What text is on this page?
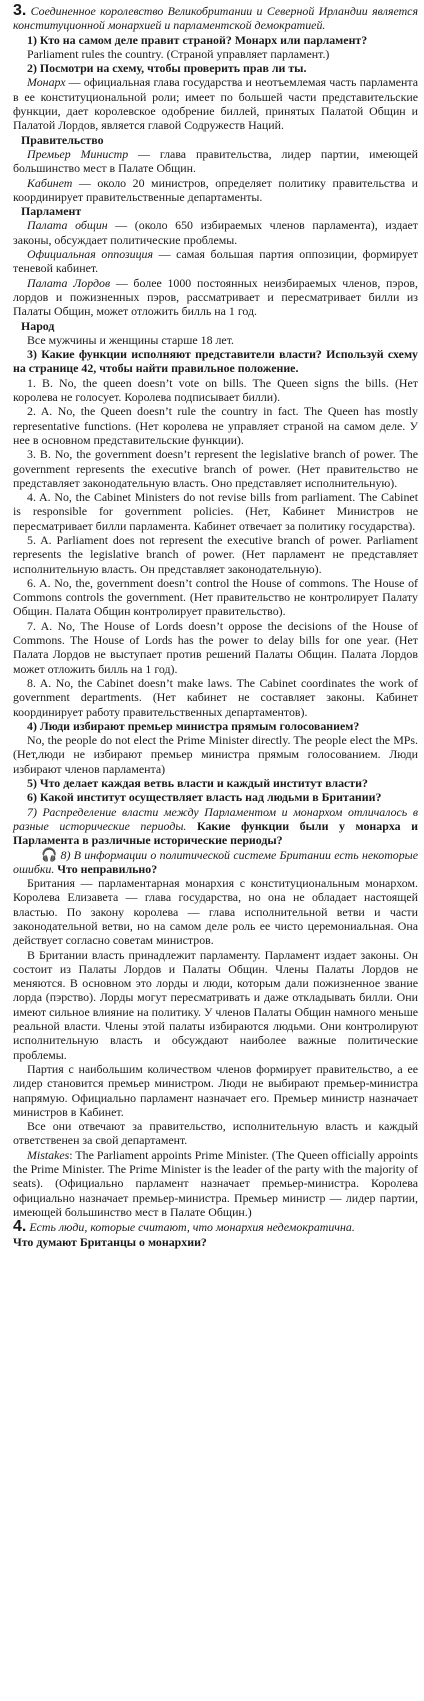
3. Соединенное королевство Великобритании и Северной Ирландии является конституционной монархией и парламентской демократией.

1) Кто на самом деле правит страной? Монарх или парламент?

Parliament rules the country. (Страной управляет парламент.)

2) Посмотри на схему, чтобы проверить прав ли ты.

Монарх — официальная глава государства и неотъемлемая часть парламента в ее конституциональной роли; имеет по большей части представительские функции, дает королевское одобрение биллей, принятых Палатой Общин и Палатой Лордов, является главой Содружеств Наций.

Правительство

Премьер Министр — глава правительства, лидер партии, имеющей большинство мест в Палате Общин.

Кабинет — около 20 министров, определяет политику правительства и координирует правительственные департаменты.

Парламент

Палата общин — (около 650 избираемых членов парламента), издает законы, обсуждает политические проблемы.

Официальная оппозиция — самая большая партия оппозиции, формирует теневой кабинет.

Палата Лордов — более 1000 постоянных неизбираемых членов, пэров, лордов и пожизненных пэров, рассматривает и пересматривает билли из Палаты Общин, может отложить билль на 1 год.

Народ

Все мужчины и женщины старше 18 лет.

3) Какие функции исполняют представители власти? Используй схему на странице 42, чтобы найти правильное положение.

1. B. No, the queen doesn’t vote on bills. The Queen signs the bills. (Нет королева не голосует. Королева подписывает билли).

2. A. No, the Queen doesn’t rule the country in fact. The Queen has mostly representative functions. (Нет королева не управляет страной на самом деле. У нее в основном представительские функции).

3. B. No, the government doesn’t represent the legislative branch of power. The government represents the executive branch of power. (Нет правительство не представляет законодательную власть. Оно представляет исполнительную).

4. A. No, the Cabinet Ministers do not revise bills from parliament. The Cabinet is responsible for government policies. (Нет, Кабинет Министров не пересматривает билли парламента. Кабинет отвечает за политику государства).

5. A. Parliament does not represent the executive branch of power. Parliament represents the legislative branch of power. (Нет парламент не представляет исполнительную власть. Он представляет законодательную).

6. A. No, the, government doesn’t control the House of commons. The House of Commons controls the government. (Нет правительство не контролирует Палату Общин. Палата Общин контролирует правительство).

7. A. No, The House of Lords doesn’t oppose the decisions of the House of Commons. The House of Lords has the power to delay bills for one year. (Нет Палата Лордов не выступает против решений Палаты Общин. Палата Лордов может отложить билль на 1 год).

8. A. No, the Cabinet doesn’t make laws. The Cabinet coordinates the work of government departments. (Нет кабинет не составляет законы. Кабинет координирует работу правительственных департаментов).

4) Люди избирают премьер министра прямым голосованием?

No, the people do not elect the Prime Minister directly. The people elect the MPs. (Нет,люди не избирают премьер министра прямым голосованием. Люди избирают членов парламента)

5) Что делает каждая ветвь власти и каждый институт власти?

6) Какой институт осуществляет власть над людьми в Британии?

7) Распределение власти между Парламентом и монархом отличалось в разные исторические периоды. Какие функции были у монарха и Парламента в различные исторические периоды?

🎧 8) В информации о политической системе Британии есть некоторые ошибки. Что неправильно?

Британия — парламентарная монархия с конституциональным монархом. Королева Елизавета — глава государства, но она не обладает настоящей властью. По закону королева — глава исполнительной ветви и части законодательной ветви, но на самом деле роль ее чисто церемониальная. Она действует согласно советам министров.

В Британии власть принадлежит парламенту. Парламент издает законы. Он состоит из Палаты Лордов и Палаты Общин. Члены Палаты Лордов не меняются. В основном это лорды и люди, которым дали пожизненное звание лорда (пэрство). Лорды могут пересматривать и даже откладывать билли. Они имеют сильное влияние на политику. У членов Палаты Общин намного меньше реальной власти. Члены этой палаты избираются людьми. Они контролируют исполнительную власть и обсуждают наиболее важные политические проблемы.

Партия с наибольшим количеством членов формирует правительство, а ее лидер становится премьер министром. Люди не выбирают премьер-министра напрямую. Официально парламент назначает его. Премьер министр назначает министров в Кабинет.

Все они отвечают за правительство, исполнительную власть и каждый ответственен за свой департамент.

Mistakes: The Parliament appoints Prime Minister. (The Queen officially appoints the Prime Minister. The Prime Minister is the leader of the party with the majority of seats). (Официально парламент назначает премьер-министра. Королева официально назначает премьер-министра. Премьер министр — лидер партии, имеющей большинство мест в Палате Общин.)

4. Есть люди, которые считают, что монархия недемократична.

Что думают Британцы о монархии?
